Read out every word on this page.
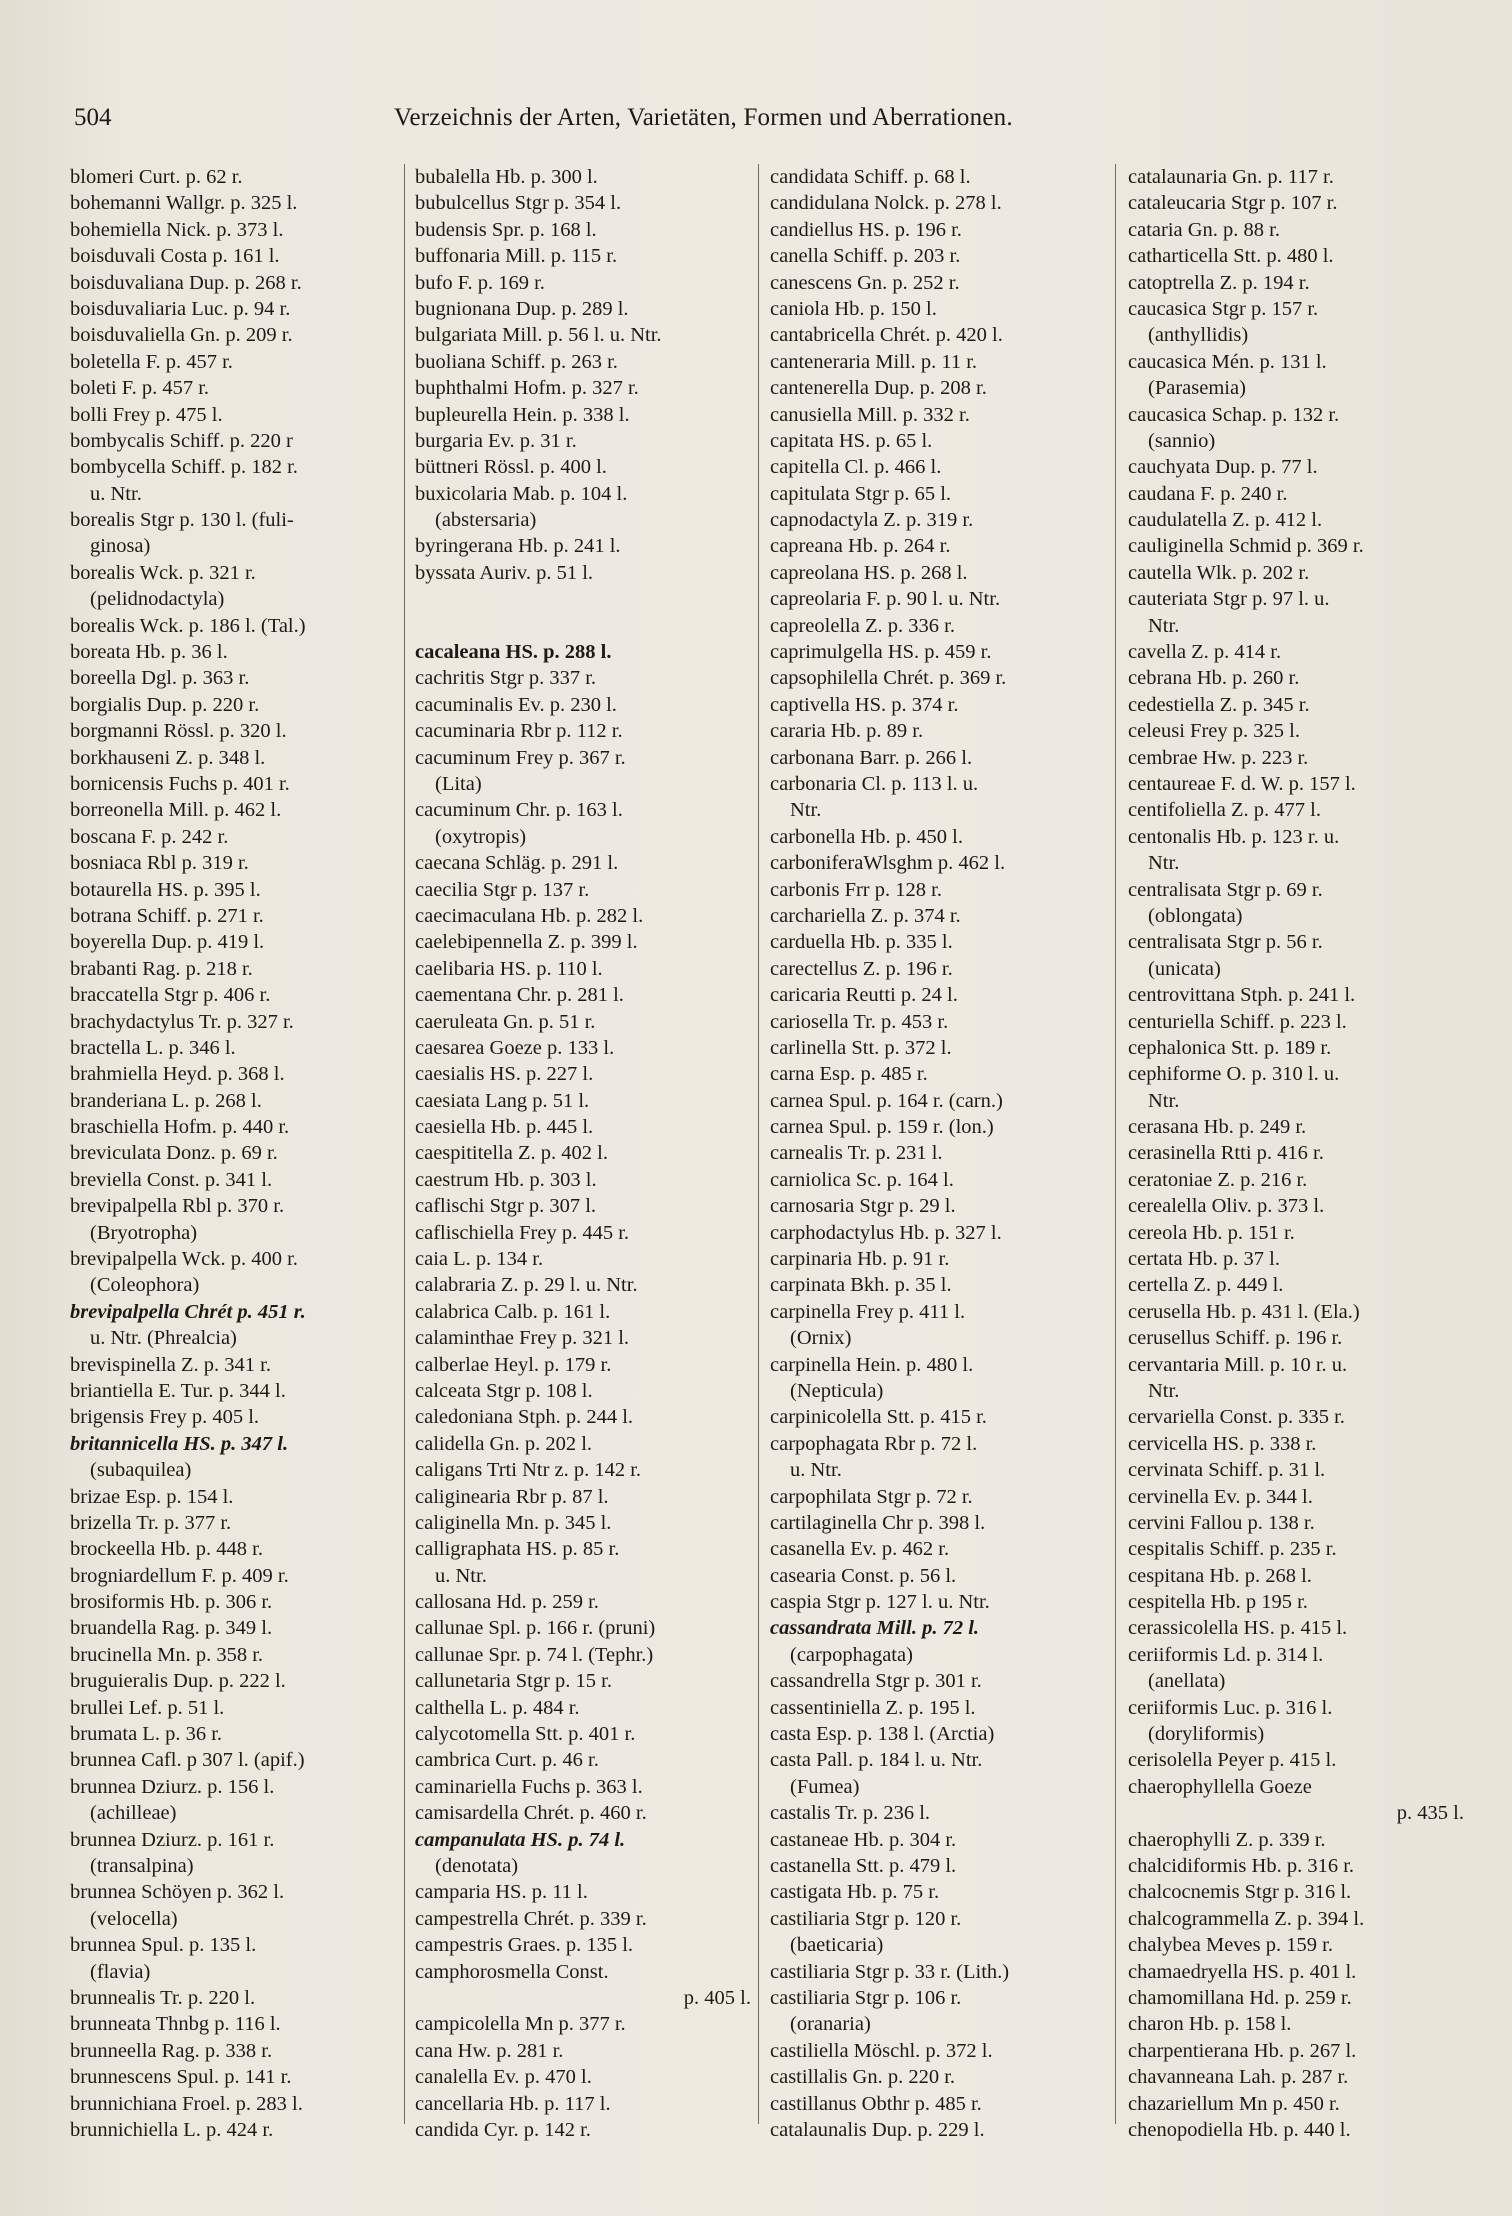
504	Verzeichnis der Arten, Varietäten, Formen und Aberrationen.
blomeri Curt. p. 62 r.
bohemanni Wallgr. p. 325 l.
bohemiella Nick. p. 373 l.
boisduvali Costa p. 161 l.
boisduvaliana Dup. p. 268 r.
boisduvaliaria Luc. p. 94 r.
boisduvaliella Gn. p. 209 r.
boletella F. p. 457 r.
boleti F. p. 457 r.
bolli Frey p. 475 l.
bombycalis Schiff. p. 220 r
bombycella Schiff. p. 182 r.
u. Ntr.
borealis Stgr p. 130 l. (fuli-
ginosa)
borealis Wck. p. 321 r.
(pelidnodactyla)
borealis Wck. p. 186 l. (Tal.)
boreata Hb. p. 36 l.
boreella Dgl. p. 363 r.
borgialis Dup. p. 220 r.
borgmanni Rössl. p. 320 l.
borkhauseni Z. p. 348 l.
bornicensis Fuchs p. 401 r.
borreonella Mill. p. 462 l.
boscana F. p. 242 r.
bosniaca Rbl p. 319 r.
botaurella HS. p. 395 l.
botrana Schiff. p. 271 r.
boyerella Dup. p. 419 l.
brabanti Rag. p. 218 r.
braccatella Stgr p. 406 r.
brachydactylus Tr. p. 327 r.
bractella L. p. 346 l.
brahmiella Heyd. p. 368 l.
branderiana L. p. 268 l.
braschiella Hofm. p. 440 r.
breviculata Donz. p. 69 r.
breviella Const. p. 341 l.
brevipalpella Rbl p. 370 r.
(Bryotropha)
brevipalpella Wck. p. 400 r.
(Coleophora)
brevipalpella Chrét p. 451 r.
u. Ntr. (Phrealcia)
brevispinella Z. p. 341 r.
briantiella E. Tur. p. 344 l.
brigensis Frey p. 405 l.
britannicella HS. p. 347 l.
(subaquilea)
brizae Esp. p. 154 l.
brizella Tr. p. 377 r.
brockeella Hb. p. 448 r.
brogniardellum F. p. 409 r.
brosiformis Hb. p. 306 r.
bruandella Rag. p. 349 l.
brucinella Mn. p. 358 r.
bruguieralis Dup. p. 222 l.
brullei Lef. p. 51 l.
brumata L. p. 36 r.
brunnea Cafl. p 307 l. (apif.)
brunnea Dziurz. p. 156 l.
(achilleae)
brunnea Dziurz. p. 161 r.
(transalpina)
brunnea Schöyen p. 362 l.
(velocella)
brunnea Spul. p. 135 l.
(flavia)
brunnealis Tr. p. 220 l.
brunneata Thnbg p. 116 l.
brunneella Rag. p. 338 r.
brunnescens Spul. p. 141 r.
brunnichiana Froel. p. 283 l.
brunnichiella L. p. 424 r.
bubalella Hb. p. 300 l.
bubulcellus Stgr p. 354 l.
budensis Spr. p. 168 l.
buffonaria Mill. p. 115 r.
bufo F. p. 169 r.
bugnionana Dup. p. 289 l.
bulgariata Mill. p. 56 l. u. Ntr.
buoliana Schiff. p. 263 r.
buphthalmi Hofm. p. 327 r.
bupleurella Hein. p. 338 l.
burgaria Ev. p. 31 r.
büttneri Rössl. p. 400 l.
buxicolaria Mab. p. 104 l.
(abstersaria)
byringerana Hb. p. 241 l.
byssata Auriv. p. 51 l.
cacaleana HS. p. 288 l.
cachritis Stgr p. 337 r.
cacuminalis Ev. p. 230 l.
cacuminaria Rbr p. 112 r.
cacuminum Frey p. 367 r.
(Lita)
cacuminum Chr. p. 163 l.
(oxytropis)
caecana Schläg. p. 291 l.
caecilia Stgr p. 137 r.
caecimaculana Hb. p. 282 l.
caelebipennella Z. p. 399 l.
caelibaria HS. p. 110 l.
caementana Chr. p. 281 l.
caeruleata Gn. p. 51 r.
caesarea Goeze p. 133 l.
caesialis HS. p. 227 l.
caesiata Lang p. 51 l.
caesiella Hb. p. 445 l.
caespititella Z. p. 402 l.
caestrum Hb. p. 303 l.
caflischi Stgr p. 307 l.
caflischiella Frey p. 445 r.
caia L. p. 134 r.
calabraria Z. p. 29 l. u. Ntr.
calabrica Calb. p. 161 l.
calaminthae Frey p. 321 l.
calberlae Heyl. p. 179 r.
calceata Stgr p. 108 l.
caledoniana Stph. p. 244 l.
calidella Gn. p. 202 l.
caligans Trti Ntr z. p. 142 r.
caligineаria Rbr p. 87 l.
caliginella Mn. p. 345 l.
calligraphata HS. p. 85 r.
u. Ntr.
callosana Hd. p. 259 r.
callunae Spl. p. 166 r. (pruni)
callunae Spr. p. 74 l. (Tephr.)
callunetaria Stgr p. 15 r.
calthella L. p. 484 r.
calycotomella Stt. p. 401 r.
cambrica Curt. p. 46 r.
caminariella Fuchs p. 363 l.
camisardella Chrét. p. 460 r.
campanulata HS. p. 74 l.
(denotata)
camparia HS. p. 11 l.
campestrella Chrét. p. 339 r.
campestris Graes. p. 135 l.
camphorosmella Const.
p. 405 l.
campicolella Mn p. 377 r.
cana Hw. p. 281 r.
canalella Ev. p. 470 l.
cancellaria Hb. p. 117 l.
candida Cyr. p. 142 r.
candidata Schiff. p. 68 l.
candidulana Nolck. p. 278 l.
candiellus HS. p. 196 r.
canella Schiff. p. 203 r.
canescens Gn. p. 252 r.
caniola Hb. p. 150 l.
cantabricella Chrét. p. 420 l.
canteneraria Mill. p. 11 r.
cantenerella Dup. p. 208 r.
canusiella Mill. p. 332 r.
capitata HS. p. 65 l.
capitella Cl. p. 466 l.
capitulata Stgr p. 65 l.
capnodactyla Z. p. 319 r.
capreana Hb. p. 264 r.
capreolana HS. p. 268 l.
capreolaria F. p. 90 l. u. Ntr.
capreolella Z. p. 336 r.
caprimulgella HS. p. 459 r.
capsophilella Chrét. p. 369 r.
captivella HS. p. 374 r.
cararia Hb. p. 89 r.
carbonana Barr. p. 266 l.
carbonaria Cl. p. 113 l. u.
Ntr.
carbonella Hb. p. 450 l.
carboniferaWlsghm p. 462 l.
carbonis Frr p. 128 r.
carchariella Z. p. 374 r.
carduella Hb. p. 335 l.
carectellus Z. p. 196 r.
caricaria Reutti p. 24 l.
cariosella Tr. p. 453 r.
carlinella Stt. p. 372 l.
carna Esp. p. 485 r.
carnea Spul. p. 164 r. (carn.)
carnea Spul. p. 159 r. (lon.)
carnealis Tr. p. 231 l.
carniolica Sc. p. 164 l.
carnosaria Stgr p. 29 l.
carphodactylus Hb. p. 327 l.
carpinaria Hb. p. 91 r.
carpinata Bkh. p. 35 l.
carpinella Frey p. 411 l.
(Ornix)
carpinella Hein. p. 480 l.
(Nepticula)
carpinicolella Stt. p. 415 r.
carpophagata Rbr p. 72 l.
u. Ntr.
carpophilata Stgr p. 72 r.
cartilaginella Chr p. 398 l.
casanella Ev. p. 462 r.
casearia Const. p. 56 l.
caspia Stgr p. 127 l. u. Ntr.
cassandrata Mill. p. 72 l.
(carpophagata)
cassandrella Stgr p. 301 r.
cassentiniella Z. p. 195 l.
casta Esp. p. 138 l. (Arctia)
casta Pall. p. 184 l. u. Ntr.
(Fumea)
castalis Tr. p. 236 l.
castaneae Hb. p. 304 r.
castanella Stt. p. 479 l.
castigata Hb. p. 75 r.
castiliaria Stgr p. 120 r.
(baeticaria)
castiliaria Stgr p. 33 r. (Lith.)
castiliaria Stgr p. 106 r.
(oranaria)
castiliella Möschl. p. 372 l.
castillalis Gn. p. 220 r.
castillanus Obthr p. 485 r.
catalaunalis Dup. p. 229 l.
catalaunaria Gn. p. 117 r.
cataleucaria Stgr p. 107 r.
cataria Gn. p. 88 r.
catharticella Stt. p. 480 l.
catoptrella Z. p. 194 r.
caucasica Stgr p. 157 r.
(anthyllidis)
caucasica Mén. p. 131 l.
(Parasemia)
caucasica Schap. p. 132 r.
(sannio)
cauchyata Dup. p. 77 l.
caudana F. p. 240 r.
caudulatella Z. p. 412 l.
cauliginella Schmid p. 369 r.
cautella Wlk. p. 202 r.
cauteriata Stgr p. 97 l. u.
Ntr.
cavella Z. p. 414 r.
cebrana Hb. p. 260 r.
cedestiella Z. p. 345 r.
celeusi Frey p. 325 l.
cembrae Hw. p. 223 r.
centaureae F. d. W. p. 157 l.
centifoliella Z. p. 477 l.
centonalis Hb. p. 123 r. u.
Ntr.
centralisata Stgr p. 69 r.
(oblongata)
centralisata Stgr p. 56 r.
(unicata)
centrovittana Stph. p. 241 l.
centuriella Schiff. p. 223 l.
cephalonica Stt. p. 189 r.
cephiforme O. p. 310 l. u.
Ntr.
cerasana Hb. p. 249 r.
cerasinella Rtti p. 416 r.
ceratoniae Z. p. 216 r.
cerealella Oliv. p. 373 l.
cereola Hb. p. 151 r.
certata Hb. p. 37 l.
certella Z. p. 449 l.
cerusella Hb. p. 431 l. (Ela.)
cerusellus Schiff. p. 196 r.
cervantaria Mill. p. 10 r. u.
Ntr.
cervariella Const. p. 335 r.
cervicella HS. p. 338 r.
cervinata Schiff. p. 31 l.
cervinella Ev. p. 344 l.
cervini Fallou p. 138 r.
cespitalis Schiff. p. 235 r.
cespitana Hb. p. 268 l.
cespitella Hb. p 195 r.
cerassicolella HS. p. 415 l.
ceriiformis Ld. p. 314 l.
(anellata)
ceriiformis Luc. p. 316 l.
(doryliformis)
cerisolella Peyer p. 415 l.
chaerophyllella Goeze
p. 435 l.
chaerophylli Z. p. 339 r.
chalcidiformis Hb. p. 316 r.
chalcocnemis Stgr p. 316 l.
chalcogrammella Z. p. 394 l.
chalybea Meves p. 159 r.
chamaedryella HS. p. 401 l.
chamomillana Hd. p. 259 r.
charon Hb. p. 158 l.
charpentierana Hb. p. 267 l.
chavanneana Lah. p. 287 r.
chazariellum Mn p. 450 r.
chenopodiella Hb. p. 440 l.
